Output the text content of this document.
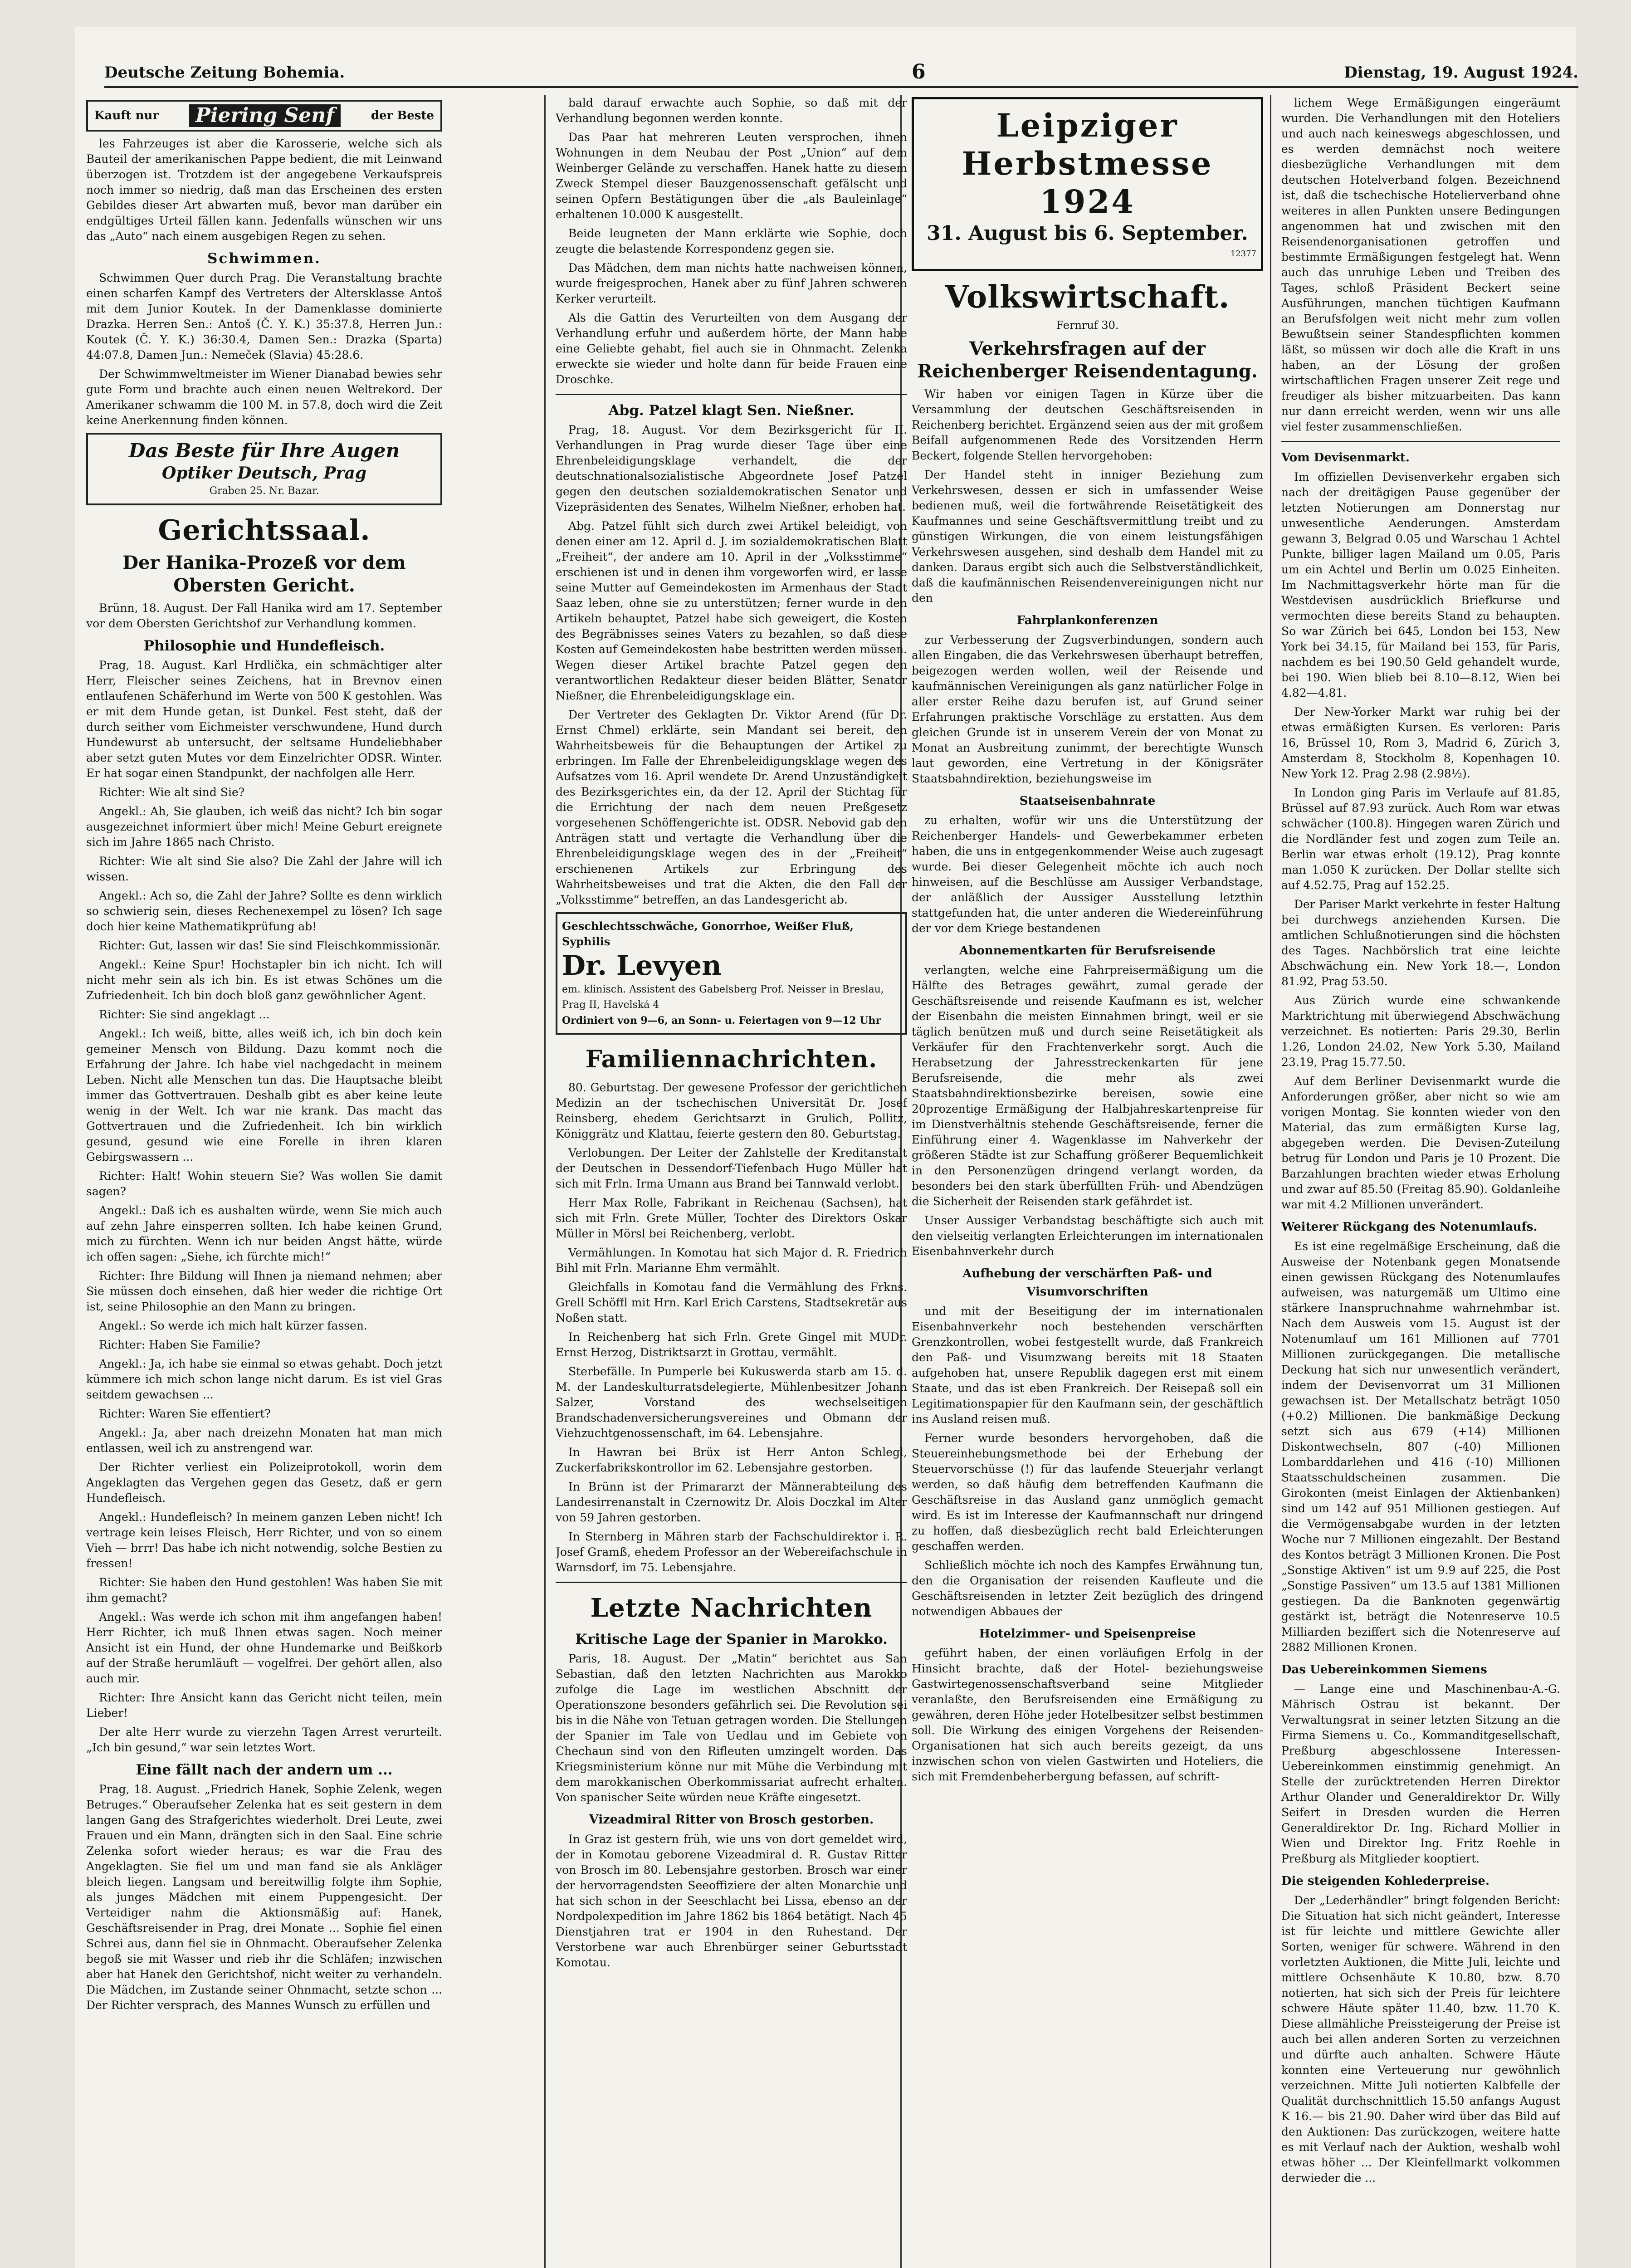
Deutsche Zeitung Bohemia.	6	Dienstag, 19. August 1924.
Kauft nur	Piering Senf	der Beste

les Fahrzeuges ist aber die Karosserie, welche sich als Bauteil der amerikanischen Pappe bedient, die mit Leinwand überzogen ist. Trotzdem ist der angegebene Verkaufspreis noch immer so niedrig, daß man das Erscheinen des ersten Gebildes dieser Art abwarten muß, bevor man darüber ein endgültiges Urteil fällen kann. Jedenfalls wünschen wir uns das „Auto“ nach einem ausgebigen Regen zu sehen.

Schwimmen.

Schwimmen Quer durch Prag. Die Veranstaltung brachte einen scharfen Kampf des Vertreters der Altersklasse Antoš mit dem Junior Koutek. In der Damenklasse dominierte Drazka. Herren Sen.: Antoš (Č. Y. K.) 35:37.8, Herren Jun.: Koutek (Č. Y. K.) 36:30.4, Damen Sen.: Drazka (Sparta) 44:07.8, Damen Jun.: Nemeček (Slavia) 45:28.6.

Der Schwimmweltmeister im Wiener Dianabad bewies sehr gute Form und brachte auch einen neuen Weltrekord. Der Amerikaner schwamm die 100 M. in 57.8, doch wird die Zeit keine Anerkennung finden können.

Das Beste für Ihre Augen
Optiker Deutsch, Prag
Graben 25. Nr. Bazar.
Gerichtssaal.
Der Hanika-Prozeß vor dem Obersten Gericht.

Brünn, 18. August. Der Fall Hanika wird am 17. September vor dem Obersten Gerichtshof zur Verhandlung kommen.

Philosophie und Hundefleisch.

Prag, 18. August. Karl Hrdlička, ein schmächtiger alter Herr, Fleischer seines Zeichens, hat in Brevnov einen entlaufenen Schäferhund im Werte von 500 K gestohlen. Was er mit dem Hunde getan, ist Dunkel. Fest steht, daß der durch seither vom Eichmeister verschwundene, Hund durch Hundewurst ab untersucht, der seltsame Hundeliebhaber aber setzt guten Mutes vor dem Einzelrichter ODSR. Winter. Er hat sogar einen Standpunkt, der nachfolgen alle Herr.

Richter: Wie alt sind Sie?

Angekl.: Ah, Sie glauben, ich weiß das nicht? Ich bin sogar ausgezeichnet informiert über mich! Meine Geburt ereignete sich im Jahre 1865 nach Christo.

Richter: Wie alt sind Sie also? Die Zahl der Jahre will ich wissen.

Angekl.: Ach so, die Zahl der Jahre? Sollte es denn wirklich so schwierig sein, dieses Rechenexempel zu lösen? Ich sage doch hier keine Mathematikprüfung ab!

Richter: Gut, lassen wir das! Sie sind Fleischkommissionär.

Angekl.: Keine Spur! Hochstapler bin ich nicht. Ich will nicht mehr sein als ich bin. Es ist etwas Schönes um die Zufriedenheit. Ich bin doch bloß ganz gewöhnlicher Agent.

Richter: Sie sind angeklagt ...

Angekl.: Ich weiß, bitte, alles weiß ich, ich bin doch kein gemeiner Mensch von Bildung. Dazu kommt noch die Erfahrung der Jahre. Ich habe viel nachgedacht in meinem Leben. Nicht alle Menschen tun das. Die Hauptsache bleibt immer das Gottvertrauen. Deshalb gibt es aber keine leute wenig in der Welt. Ich war nie krank. Das macht das Gottvertrauen und die Zufriedenheit. Ich bin wirklich gesund, gesund wie eine Forelle in ihren klaren Gebirgswassern ...

Richter: Halt! Wohin steuern Sie? Was wollen Sie damit sagen?

Angekl.: Daß ich es aushalten würde, wenn Sie mich auch auf zehn Jahre einsperren sollten. Ich habe keinen Grund, mich zu fürchten. Wenn ich nur beiden Angst hätte, würde ich offen sagen: „Siehe, ich fürchte mich!“

Richter: Ihre Bildung will Ihnen ja niemand nehmen; aber Sie müssen doch einsehen, daß hier weder die richtige Ort ist, seine Philosophie an den Mann zu bringen.

Angekl.: So werde ich mich halt kürzer fassen.

Richter: Haben Sie Familie?

Angekl.: Ja, ich habe sie einmal so etwas gehabt. Doch jetzt kümmere ich mich schon lange nicht darum. Es ist viel Gras seitdem gewachsen ...

Richter: Waren Sie effentiert?

Angekl.: Ja, aber nach dreizehn Monaten hat man mich entlassen, weil ich zu anstrengend war.

Der Richter verliest ein Polizeiprotokoll, worin dem Angeklagten das Vergehen gegen das Gesetz, daß er gern Hundefleisch.

Angekl.: Hundefleisch? In meinem ganzen Leben nicht! Ich vertrage kein leises Fleisch, Herr Richter, und von so einem Vieh — brrr! Das habe ich nicht notwendig, solche Bestien zu fressen!

Richter: Sie haben den Hund gestohlen! Was haben Sie mit ihm gemacht?

Angekl.: Was werde ich schon mit ihm angefangen haben! Herr Richter, ich muß Ihnen etwas sagen. Noch meiner Ansicht ist ein Hund, der ohne Hundemarke und Beißkorb auf der Straße herumläuft — vogelfrei. Der gehört allen, also auch mir.

Richter: Ihre Ansicht kann das Gericht nicht teilen, mein Lieber!

Der alte Herr wurde zu vierzehn Tagen Arrest verurteilt. „Ich bin gesund,“ war sein letztes Wort.

Eine fällt nach der andern um ...

Prag, 18. August. „Friedrich Hanek, Sophie Zelenk, wegen Betruges.“ Oberaufseher Zelenka hat es seit gestern in dem langen Gang des Strafgerichtes wiederholt. Drei Leute, zwei Frauen und ein Mann, drängten sich in den Saal. Eine schrie Zelenka sofort wieder heraus; es war die Frau des Angeklagten. Sie fiel um und man fand sie als Ankläger bleich liegen. Langsam und bereitwillig folgte ihm Sophie, als junges Mädchen mit einem Puppengesicht. Der Verteidiger nahm die Aktionsmäßig auf: Hanek, Geschäftsreisender in Prag, drei Monate ... Sophie fiel einen Schrei aus, dann fiel sie in Ohnmacht. Oberaufseher Zelenka begoß sie mit Wasser und rieb ihr die Schläfen; inzwischen aber hat Hanek den Gerichtshof, nicht weiter zu verhandeln. Die Mädchen, im Zustande seiner Ohnmacht, setzte schon ... Der Richter versprach, des Mannes Wunsch zu erfüllen und

bald darauf erwachte auch Sophie, so daß mit der Verhandlung begonnen werden konnte.

Das Paar hat mehreren Leuten versprochen, ihnen Wohnungen in dem Neubau der Post „Union“ auf dem Weinberger Gelände zu verschaffen. Hanek hatte zu diesem Zweck Stempel dieser Bauzgenossenschaft gefälscht und seinen Opfern Bestätigungen über die „als Bauleinlage“ erhaltenen 10.000 K ausgestellt.

Beide leugneten der Mann erklärte wie Sophie, doch zeugte die belastende Korrespondenz gegen sie.

Das Mädchen, dem man nichts hatte nachweisen können, wurde freigesprochen, Hanek aber zu fünf Jahren schweren Kerker verurteilt.

Als die Gattin des Verurteilten von dem Ausgang der Verhandlung erfuhr und außerdem hörte, der Mann habe eine Geliebte gehabt, fiel auch sie in Ohnmacht. Zelenka erweckte sie wieder und holte dann für beide Frauen eine Droschke.

Abg. Patzel klagt Sen. Nießner.

Prag, 18. August. Vor dem Bezirksgericht für II. Verhandlungen in Prag wurde dieser Tage über eine Ehrenbeleidigungsklage verhandelt, die der deutschnationalsozialistische Abgeordnete Josef Patzel gegen den deutschen sozialdemokratischen Senator und Vizepräsidenten des Senates, Wilhelm Nießner, erhoben hat.

Abg. Patzel fühlt sich durch zwei Artikel beleidigt, von denen einer am 12. April d. J. im sozialdemokratischen Blatt „Freiheit“, der andere am 10. April in der „Volksstimme“ erschienen ist und in denen ihm vorgeworfen wird, er lasse seine Mutter auf Gemeindekosten im Armenhaus der Stadt Saaz leben, ohne sie zu unterstützen; ferner wurde in den Artikeln behauptet, Patzel habe sich geweigert, die Kosten des Begräbnisses seines Vaters zu bezahlen, so daß diese Kosten auf Gemeindekosten habe bestritten werden müssen. Wegen dieser Artikel brachte Patzel gegen den verantwortlichen Redakteur dieser beiden Blätter, Senator Nießner, die Ehrenbeleidigungsklage ein.

Der Vertreter des Geklagten Dr. Viktor Arend (für Dr. Ernst Chmel) erklärte, sein Mandant sei bereit, den Wahrheitsbeweis für die Behauptungen der Artikel zu erbringen. Im Falle der Ehrenbeleidigungsklage wegen des Aufsatzes vom 16. April wendete Dr. Arend Unzuständigkeit des Bezirksgerichtes ein, da der 12. April der Stichtag für die Errichtung der nach dem neuen Preßgesetz vorgesehenen Schöffengerichte ist. ODSR. Nebovid gab den Anträgen statt und vertagte die Verhandlung über die Ehrenbeleidigungsklage wegen des in der „Freiheit“ erschienenen Artikels zur Erbringung des Wahrheitsbeweises und trat die Akten, die den Fall der „Volksstimme“ betreffen, an das Landesgericht ab.

Geschlechtsschwäche, Gonorrhoe, Weißer Fluß, Syphilis
Dr. Levyen
em. klinisch. Assistent des Gabelsberg Prof. Neisser in Breslau, Prag II, Havelská 4
Ordiniert von 9—6, an Sonn- u. Feiertagen von 9—12 Uhr
Familiennachrichten.

80. Geburtstag. Der gewesene Professor der gerichtlichen Medizin an der tschechischen Universität Dr. Josef Reinsberg, ehedem Gerichtsarzt in Grulich, Pollitz, Königgrätz und Klattau, feierte gestern den 80. Geburtstag.

Verlobungen. Der Leiter der Zahlstelle der Kreditanstalt der Deutschen in Dessendorf-Tiefenbach Hugo Müller hat sich mit Frln. Irma Umann aus Brand bei Tannwald verlobt.

Herr Max Rolle, Fabrikant in Reichenau (Sachsen), hat sich mit Frln. Grete Müller, Tochter des Direktors Oskar Müller in Mörsl bei Reichenberg, verlobt.

Vermählungen. In Komotau hat sich Major d. R. Friedrich Bihl mit Frln. Marianne Ehm vermählt.

Gleichfalls in Komotau fand die Vermählung des Frkns. Grell Schöffl mit Hrn. Karl Erich Carstens, Stadtsekretär aus Noßen statt.

In Reichenberg hat sich Frln. Grete Gingel mit MUDr. Ernst Herzog, Distriktsarzt in Grottau, vermählt.

Sterbefälle. In Pumperle bei Kukuswerda starb am 15. d. M. der Landeskulturratsdelegierte, Mühlenbesitzer Johann Salzer, Vorstand des wechselseitigen Brandschadenversicherungsvereines und Obmann der Viehzuchtgenossenschaft, im 64. Lebensjahre.

In Hawran bei Brüx ist Herr Anton Schlegl, Zuckerfabrikskontrollor im 62. Lebensjahre gestorben.

In Brünn ist der Primararzt der Männerabteilung des Landesirrenanstalt in Czernowitz Dr. Alois Doczkal im Alter von 59 Jahren gestorben.

In Sternberg in Mähren starb der Fachschuldirektor i. R. Josef Gramß, ehedem Professor an der Webereifachschule in Warnsdorf, im 75. Lebensjahre.

Letzte Nachrichten
Kritische Lage der Spanier in Marokko.

Paris, 18. August. Der „Matin“ berichtet aus San Sebastian, daß den letzten Nachrichten aus Marokko zufolge die Lage im westlichen Abschnitt der Operationszone besonders gefährlich sei. Die Revolution sei bis in die Nähe von Tetuan getragen worden. Die Stellungen der Spanier im Tale von Uedlau und im Gebiete von Chechaun sind von den Rifleuten umzingelt worden. Das Kriegsministerium könne nur mit Mühe die Verbindung mit dem marokkanischen Oberkommissariat aufrecht erhalten. Von spanischer Seite würden neue Kräfte eingesetzt.

Vizeadmiral Ritter von Brosch gestorben.

In Graz ist gestern früh, wie uns von dort gemeldet wird, der in Komotau geborene Vizeadmiral d. R. Gustav Ritter von Brosch im 80. Lebensjahre gestorben. Brosch war einer der hervorragendsten Seeoffiziere der alten Monarchie und hat sich schon in der Seeschlacht bei Lissa, ebenso an der Nordpolexpedition im Jahre 1862 bis 1864 betätigt. Nach 45 Dienstjahren trat er 1904 in den Ruhestand. Der Verstorbene war auch Ehrenbürger seiner Geburtsstadt Komotau.

Leipziger
Herbstmesse 1924
31. August bis 6. September.
12377
Volkswirtschaft.
Fernruf 30.
Verkehrsfragen auf der Reichenberger Reisendentagung.

Wir haben vor einigen Tagen in Kürze über die Versammlung der deutschen Geschäftsreisenden in Reichenberg berichtet. Ergänzend seien aus der mit großem Beifall aufgenommenen Rede des Vorsitzenden Herrn Beckert, folgende Stellen hervorgehoben:

Der Handel steht in inniger Beziehung zum Verkehrswesen, dessen er sich in umfassender Weise bedienen muß, weil die fortwährende Reisetätigkeit des Kaufmannes und seine Geschäftsvermittlung treibt und zu günstigen Wirkungen, die von einem leistungsfähigen Verkehrswesen ausgehen, sind deshalb dem Handel mit zu danken. Daraus ergibt sich auch die Selbstverständlichkeit, daß die kaufmännischen Reisendenvereinigungen nicht nur den

Fahrplankonferenzen

zur Verbesserung der Zugsverbindungen, sondern auch allen Eingaben, die das Verkehrswesen überhaupt betreffen, beigezogen werden wollen, weil der Reisende und kaufmännischen Vereinigungen als ganz natürlicher Folge in aller erster Reihe dazu berufen ist, auf Grund seiner Erfahrungen praktische Vorschläge zu erstatten. Aus dem gleichen Grunde ist in unserem Verein der von Monat zu Monat an Ausbreitung zunimmt, der berechtigte Wunsch laut geworden, eine Vertretung in der Königsräter Staatsbahndirektion, beziehungsweise im

Staatseisenbahnrate

zu erhalten, wofür wir uns die Unterstützung der Reichenberger Handels- und Gewerbekammer erbeten haben, die uns in entgegenkommender Weise auch zugesagt wurde. Bei dieser Gelegenheit möchte ich auch noch hinweisen, auf die Beschlüsse am Aussiger Verbandstage, der anläßlich der Aussiger Ausstellung letzthin stattgefunden hat, die unter anderen die Wiedereinführung der vor dem Kriege bestandenen

Abonnementkarten für Berufsreisende

verlangten, welche eine Fahrpreisermäßigung um die Hälfte des Betrages gewährt, zumal gerade der Geschäftsreisende und reisende Kaufmann es ist, welcher der Eisenbahn die meisten Einnahmen bringt, weil er sie täglich benützen muß und durch seine Reisetätigkeit als Verkäufer für den Frachtenverkehr sorgt. Auch die Herabsetzung der Jahresstreckenkarten für jene Berufsreisende, die mehr als zwei Staatsbahndirektionsbezirke bereisen, sowie eine 20prozentige Ermäßigung der Halbjahreskartenpreise für im Dienstverhältnis stehende Geschäftsreisende, ferner die Einführung einer 4. Wagenklasse im Nahverkehr der größeren Städte ist zur Schaffung größerer Bequemlichkeit in den Personenzügen dringend verlangt worden, da besonders bei den stark überfüllten Früh- und Abendzügen die Sicherheit der Reisenden stark gefährdet ist.

Unser Aussiger Verbandstag beschäftigte sich auch mit den vielseitig verlangten Erleichterungen im internationalen Eisenbahnverkehr durch

Aufhebung der verschärften Paß- und Visumvorschriften

und mit der Beseitigung der im internationalen Eisenbahnverkehr noch bestehenden verschärften Grenzkontrollen, wobei festgestellt wurde, daß Frankreich den Paß- und Visumzwang bereits mit 18 Staaten aufgehoben hat, unsere Republik dagegen erst mit einem Staate, und das ist eben Frankreich. Der Reisepaß soll ein Legitimationspapier für den Kaufmann sein, der geschäftlich ins Ausland reisen muß.

Ferner wurde besonders hervorgehoben, daß die Steuereinhebungsmethode bei der Erhebung der Steuervorschüsse (!) für das laufende Steuerjahr verlangt werden, so daß häufig dem betreffenden Kaufmann die Geschäftsreise in das Ausland ganz unmöglich gemacht wird. Es ist im Interesse der Kaufmannschaft nur dringend zu hoffen, daß diesbezüglich recht bald Erleichterungen geschaffen werden.

Schließlich möchte ich noch des Kampfes Erwähnung tun, den die Organisation der reisenden Kaufleute und die Geschäftsreisenden in letzter Zeit bezüglich des dringend notwendigen Abbaues der

Hotelzimmer- und Speisenpreise

geführt haben, der einen vorläufigen Erfolg in der Hinsicht brachte, daß der Hotel- beziehungsweise Gastwirtegenossenschaftsverband seine Mitglieder veranlaßte, den Berufsreisenden eine Ermäßigung zu gewähren, deren Höhe jeder Hotelbesitzer selbst bestimmen soll. Die Wirkung des einigen Vorgehens der Reisenden-Organisationen hat sich auch bereits gezeigt, da uns inzwischen schon von vielen Gastwirten und Hoteliers, die sich mit Fremdenbeherbergung befassen, auf schrift-

lichem Wege Ermäßigungen eingeräumt wurden. Die Verhandlungen mit den Hoteliers und auch nach keineswegs abgeschlossen, und es werden demnächst noch weitere diesbezügliche Verhandlungen mit dem deutschen Hotelverband folgen. Bezeichnend ist, daß die tschechische Hotelierverband ohne weiteres in allen Punkten unsere Bedingungen angenommen hat und zwischen mit den Reisendenorganisationen getroffen und bestimmte Ermäßigungen festgelegt hat. Wenn auch das unruhige Leben und Treiben des Tages, schloß Präsident Beckert seine Ausführungen, manchen tüchtigen Kaufmann an Berufsfolgen weit nicht mehr zum vollen Bewußtsein seiner Standespflichten kommen läßt, so müssen wir doch alle die Kraft in uns haben, an der Lösung der großen wirtschaftlichen Fragen unserer Zeit rege und freudiger als bisher mitzuarbeiten. Das kann nur dann erreicht werden, wenn wir uns alle viel fester zusammenschließen.

Vom Devisenmarkt.

Im offiziellen Devisenverkehr ergaben sich nach der dreitägigen Pause gegenüber der letzten Notierungen am Donnerstag nur unwesentliche Aenderungen. Amsterdam gewann 3, Belgrad 0.05 und Warschau 1 Achtel Punkte, billiger lagen Mailand um 0.05, Paris um ein Achtel und Berlin um 0.025 Einheiten. Im Nachmittagsverkehr hörte man für die Westdevisen ausdrücklich Briefkurse und vermochten diese bereits Stand zu behaupten. So war Zürich bei 645, London bei 153, New York bei 34.15, für Mailand bei 153, für Paris, nachdem es bei 190.50 Geld gehandelt wurde, bei 190. Wien blieb bei 8.10—8.12, Wien bei 4.82—4.81.

Der New-Yorker Markt war ruhig bei der etwas ermäßigten Kursen. Es verloren: Paris 16, Brüssel 10, Rom 3, Madrid 6, Zürich 3, Amsterdam 8, Stockholm 8, Kopenhagen 10. New York 12. Prag 2.98 (2.98½).

In London ging Paris im Verlaufe auf 81.85, Brüssel auf 87.93 zurück. Auch Rom war etwas schwächer (100.8). Hingegen waren Zürich und die Nordländer fest und zogen zum Teile an. Berlin war etwas erholt (19.12), Prag konnte man 1.050 K zurücken. Der Dollar stellte sich auf 4.52.75, Prag auf 152.25.

Der Pariser Markt verkehrte in fester Haltung bei durchwegs anziehenden Kursen. Die amtlichen Schlußnotierungen sind die höchsten des Tages. Nachbörslich trat eine leichte Abschwächung ein. New York 18.—, London 81.92, Prag 53.50.

Aus Zürich wurde eine schwankende Marktrichtung mit überwiegend Abschwächung verzeichnet. Es notierten: Paris 29.30, Berlin 1.26, London 24.02, New York 5.30, Mailand 23.19, Prag 15.77.50.

Auf dem Berliner Devisenmarkt wurde die Anforderungen größer, aber nicht so wie am vorigen Montag. Sie konnten wieder von den Material, das zum ermäßigten Kurse lag, abgegeben werden. Die Devisen-Zuteilung betrug für London und Paris je 10 Prozent. Die Barzahlungen brachten wieder etwas Erholung und zwar auf 85.50 (Freitag 85.90). Goldanleihe war mit 4.2 Millionen unverändert.

Weiterer Rückgang des Notenumlaufs.

Es ist eine regelmäßige Erscheinung, daß die Ausweise der Notenbank gegen Monatsende einen gewissen Rückgang des Notenumlaufes aufweisen, was naturgemäß um Ultimo eine stärkere Inanspruchnahme wahrnehmbar ist. Nach dem Ausweis vom 15. August ist der Notenumlauf um 161 Millionen auf 7701 Millionen zurückgegangen. Die metallische Deckung hat sich nur unwesentlich verändert, indem der Devisenvorrat um 31 Millionen gewachsen ist. Der Metallschatz beträgt 1050 (+0.2) Millionen. Die bankmäßige Deckung setzt sich aus 679 (+14) Millionen Diskontwechseln, 807 (-40) Millionen Lombarddarlehen und 416 (-10) Millionen Staatsschuldscheinen zusammen. Die Girokonten (meist Einlagen der Aktienbanken) sind um 142 auf 951 Millionen gestiegen. Auf die Vermögensabgabe wurden in der letzten Woche nur 7 Millionen eingezahlt. Der Bestand des Kontos beträgt 3 Millionen Kronen. Die Post „Sonstige Aktiven“ ist um 9.9 auf 225, die Post „Sonstige Passiven“ um 13.5 auf 1381 Millionen gestiegen. Da die Banknoten gegenwärtig gestärkt ist, beträgt die Notenreserve 10.5 Milliarden beziffert sich die Notenreserve auf 2882 Millionen Kronen.

Das Uebereinkommen Siemens

— Lange eine und Maschinenbau-A.-G. Mährisch Ostrau ist bekannt. Der Verwaltungsrat in seiner letzten Sitzung an die Firma Siemens u. Co., Kommanditgesellschaft, Preßburg abgeschlossene Interessen-Uebereinkommen einstimmig genehmigt. An Stelle der zurücktretenden Herren Direktor Arthur Olander und Generaldirektor Dr. Willy Seifert in Dresden wurden die Herren Generaldirektor Dr. Ing. Richard Mollier in Wien und Direktor Ing. Fritz Roehle in Preßburg als Mitglieder kooptiert.

Die steigenden Kohlederpreise.

Der „Lederhändler“ bringt folgenden Bericht: Die Situation hat sich nicht geändert, Interesse ist für leichte und mittlere Gewichte aller Sorten, weniger für schwere. Während in den vorletzten Auktionen, die Mitte Juli, leichte und mittlere Ochsenhäute K 10.80, bzw. 8.70 notierten, hat sich sich der Preis für leichtere schwere Häute später 11.40, bzw. 11.70 K. Diese allmähliche Preissteigerung der Preise ist auch bei allen anderen Sorten zu verzeichnen und dürfte auch anhalten. Schwere Häute konnten eine Verteuerung nur gewöhnlich verzeichnen. Mitte Juli notierten Kalbfelle der Qualität durchschnittlich 15.50 anfangs August K 16.— bis 21.90. Daher wird über das Bild auf den Auktionen: Das zurückzogen, weitere hatte es mit Verlauf nach der Auktion, weshalb wohl etwas höher ... Der Kleinfellmarkt volkommen derwieder die ...
